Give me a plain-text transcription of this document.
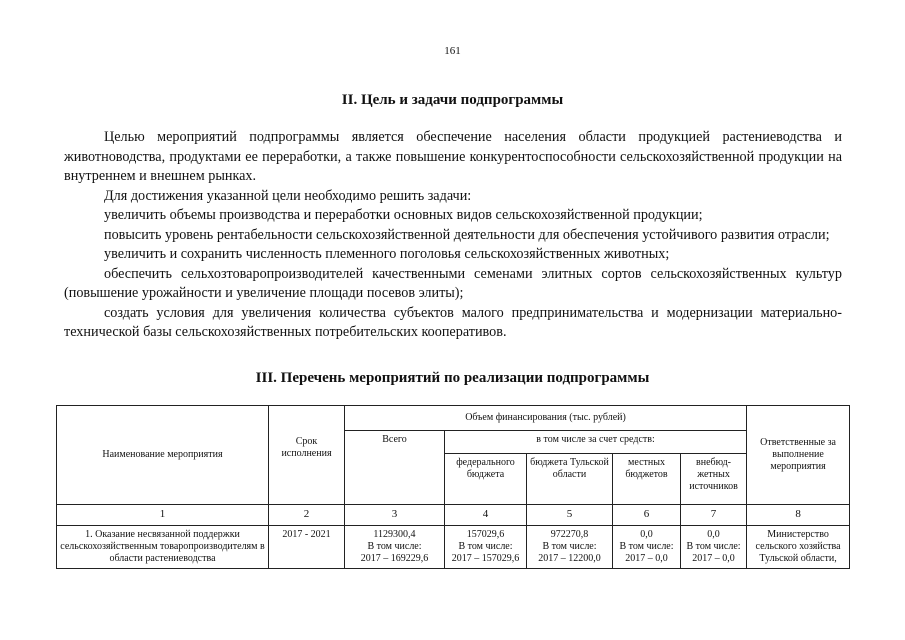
161
II. Цель и задачи подпрограммы

Целью мероприятий подпрограммы является обеспечение населения области продукцией растениеводства и животноводства, продуктами ее переработки, а также повышение конкурентоспособности сельскохозяйственной продукции на внутреннем и внешнем рынках.

Для достижения указанной цели необходимо решить задачи:

увеличить объемы производства и переработки основных видов сельскохозяйственной продукции;

повысить уровень рентабельности сельскохозяйственной деятельности для обеспечения устойчивого развития отрасли;

увеличить и сохранить численность племенного поголовья сельскохозяйственных животных;

обеспечить сельхозтоваропроизводителей качественными семенами элитных сортов сельскохозяйственных культур (повышение урожайности и увеличение площади посевов элиты);

создать условия для увеличения количества субъектов малого предпринимательства и модернизации материально-технической базы сельскохозяйственных потребительских кооперативов.

III. Перечень мероприятий по реализации подпрограммы
Наименование мероприятия	Срок исполнения	Объем финансирования (тыс. рублей)					Ответственные за выполнение мероприятия
		Всего	в том числе за счет средств:				
			федерального бюджета	бюджета Тульской области	местных бюджетов	внебюд-жетных источников	
1	2	3	4	5	6	7	8
1. Оказание несвязанной поддержки сельскохозяйственным товаропроизводителям в области растениеводства	2017 - 2021	1129300,4
В том числе:
2017 – 169229,6	157029,6
В том числе:
2017 – 157029,6	972270,8
В том числе:
2017 – 12200,0	0,0
В том числе:
2017 – 0,0	0,0
В том числе:
2017 – 0,0	Министерство сельского хозяйства Тульской области,
